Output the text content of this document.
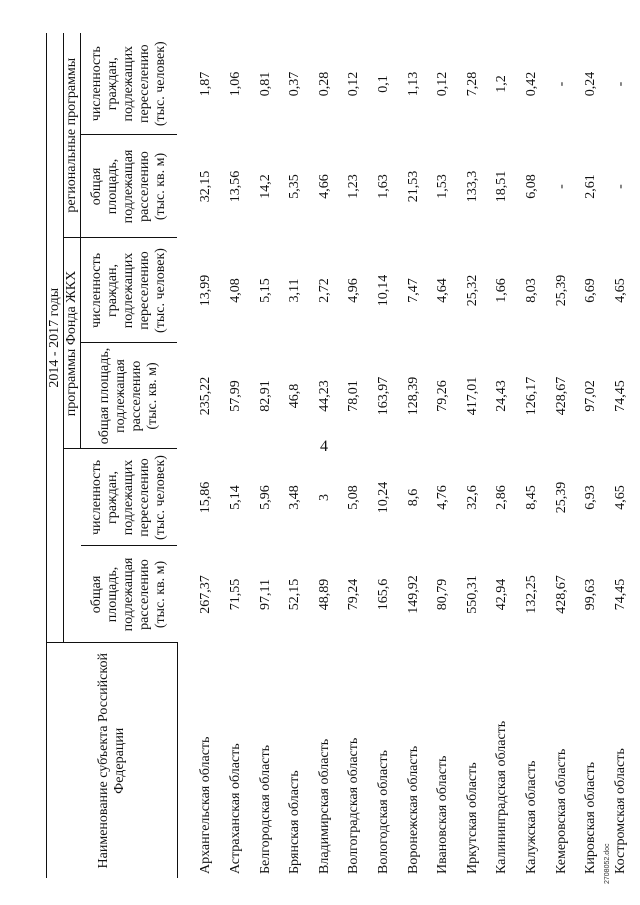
4
2708052.doc
Наименование субъекта Российской Федерации	2014 - 2017 годы					
			программы Фонда ЖКХ		региональные программы	
	общая площадь, подлежащая расселению (тыс. кв. м)	численность граждан, подлежащих переселению (тыс. человек)	общая площадь, подлежащая расселению (тыс. кв. м)	численность граждан, подлежащих переселению (тыс. человек)	общая площадь, подлежащая расселению (тыс. кв. м)	численность граждан, подлежащих переселению (тыс. человек)
Архангельская область	267,37	15,86	235,22	13,99	32,15	1,87
Астраханская область	71,55	5,14	57,99	4,08	13,56	1,06
Белгородская область	97,11	5,96	82,91	5,15	14,2	0,81
Брянская область	52,15	3,48	46,8	3,11	5,35	0,37
Владимирская область	48,89	3	44,23	2,72	4,66	0,28
Волгоградская область	79,24	5,08	78,01	4,96	1,23	0,12
Вологодская область	165,6	10,24	163,97	10,14	1,63	0,1
Воронежская область	149,92	8,6	128,39	7,47	21,53	1,13
Ивановская область	80,79	4,76	79,26	4,64	1,53	0,12
Иркутская область	550,31	32,6	417,01	25,32	133,3	7,28
Калининградская область	42,94	2,86	24,43	1,66	18,51	1,2
Калужская область	132,25	8,45	126,17	8,03	6,08	0,42
Кемеровская область	428,67	25,39	428,67	25,39	-	-
Кировская область	99,63	6,93	97,02	6,69	2,61	0,24
Костромская область	74,45	4,65	74,45	4,65	-	-
